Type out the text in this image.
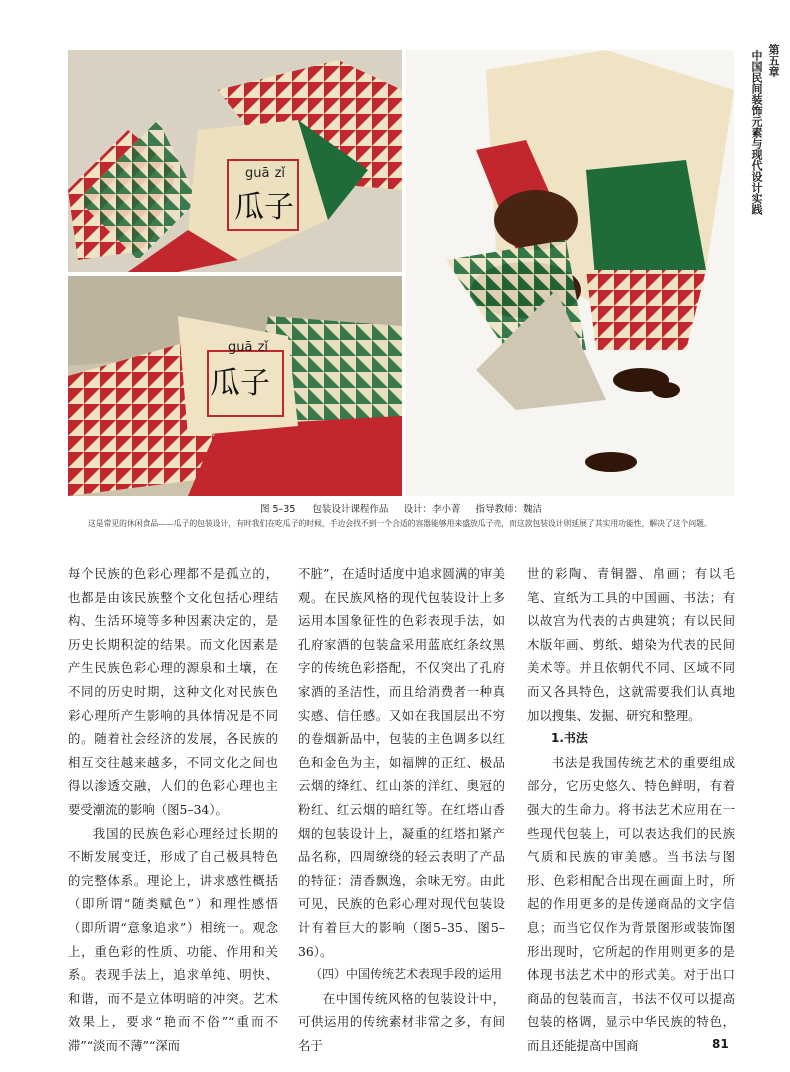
guā zǐ
瓜子
guā zǐ
瓜子
第五章
中国民间装饰元素与现代设计实践
图 5–35 包装设计课程作品 设计：李小菁 指导教师：魏洁
这是常见的休闲食品——瓜子的包装设计，有时我们在吃瓜子的时候，手边会找不到一个合适的容器能够用来盛放瓜子壳，而这款包装设计则延展了其实用功能性，解决了这个问题。

每个民族的色彩心理都不是孤立的，也都是由该民族整个文化包括心理结构、生活环境等多种因素决定的，是历史长期积淀的结果。而文化因素是产生民族色彩心理的源泉和土壤，在不同的历史时期，这种文化对民族色彩心理所产生影响的具体情况是不同的。随着社会经济的发展，各民族的相互交往越来越多，不同文化之间也得以渗透交融，人们的色彩心理也主要受潮流的影响（图5–34）。

我国的民族色彩心理经过长期的不断发展变迁，形成了自己极具特色的完整体系。理论上，讲求感性概括（即所谓“随类赋色”）和理性感悟（即所谓“意象追求”）相统一。观念上，重色彩的性质、功能、作用和关系。表现手法上，追求单纯、明快、和谐，而不是立体明暗的冲突。艺术效果上，要求“艳而不俗”“重而不滞”“淡而不薄”“深而

不脏”，在适时适度中追求圆满的审美观。在民族风格的现代包装设计上多运用本国象征性的色彩表现手法，如孔府家酒的包装盒采用蓝底红条纹黑字的传统色彩搭配，不仅突出了孔府家酒的圣洁性，而且给消费者一种真实感、信任感。又如在我国层出不穷的卷烟新品中，包装的主色调多以红色和金色为主，如福牌的正红、极品云烟的绛红、红山茶的洋红、奥冠的粉红、红云烟的暗红等。在红塔山香烟的包装设计上，凝重的红塔扣紧产品名称，四周缭绕的轻云表明了产品的特征：清香飘逸，余味无穷。由此可见，民族的色彩心理对现代包装设计有着巨大的影响（图5–35、图5–36）。

（四）中国传统艺术表现手段的运用

在中国传统风格的包装设计中，可供运用的传统素材非常之多，有间名于

世的彩陶、青铜器、帛画；有以毛笔、宣纸为工具的中国画、书法；有以故宫为代表的古典建筑；有以民间木版年画、剪纸、蜡染为代表的民间美术等。并且依朝代不同、区域不同而又各具特色，这就需要我们认真地加以搜集、发掘、研究和整理。

1.书法

书法是我国传统艺术的重要组成部分，它历史悠久、特色鲜明，有着强大的生命力。将书法艺术应用在一些现代包装上，可以表达我们的民族气质和民族的审美感。当书法与图形、色彩相配合出现在画面上时，所起的作用更多的是传递商品的文字信息；而当它仅作为背景图形或装饰图形出现时，它所起的作用则更多的是体现书法艺术中的形式美。对于出口商品的包装而言，书法不仅可以提高包装的格调，显示中华民族的特色，而且还能提高中国商	81
